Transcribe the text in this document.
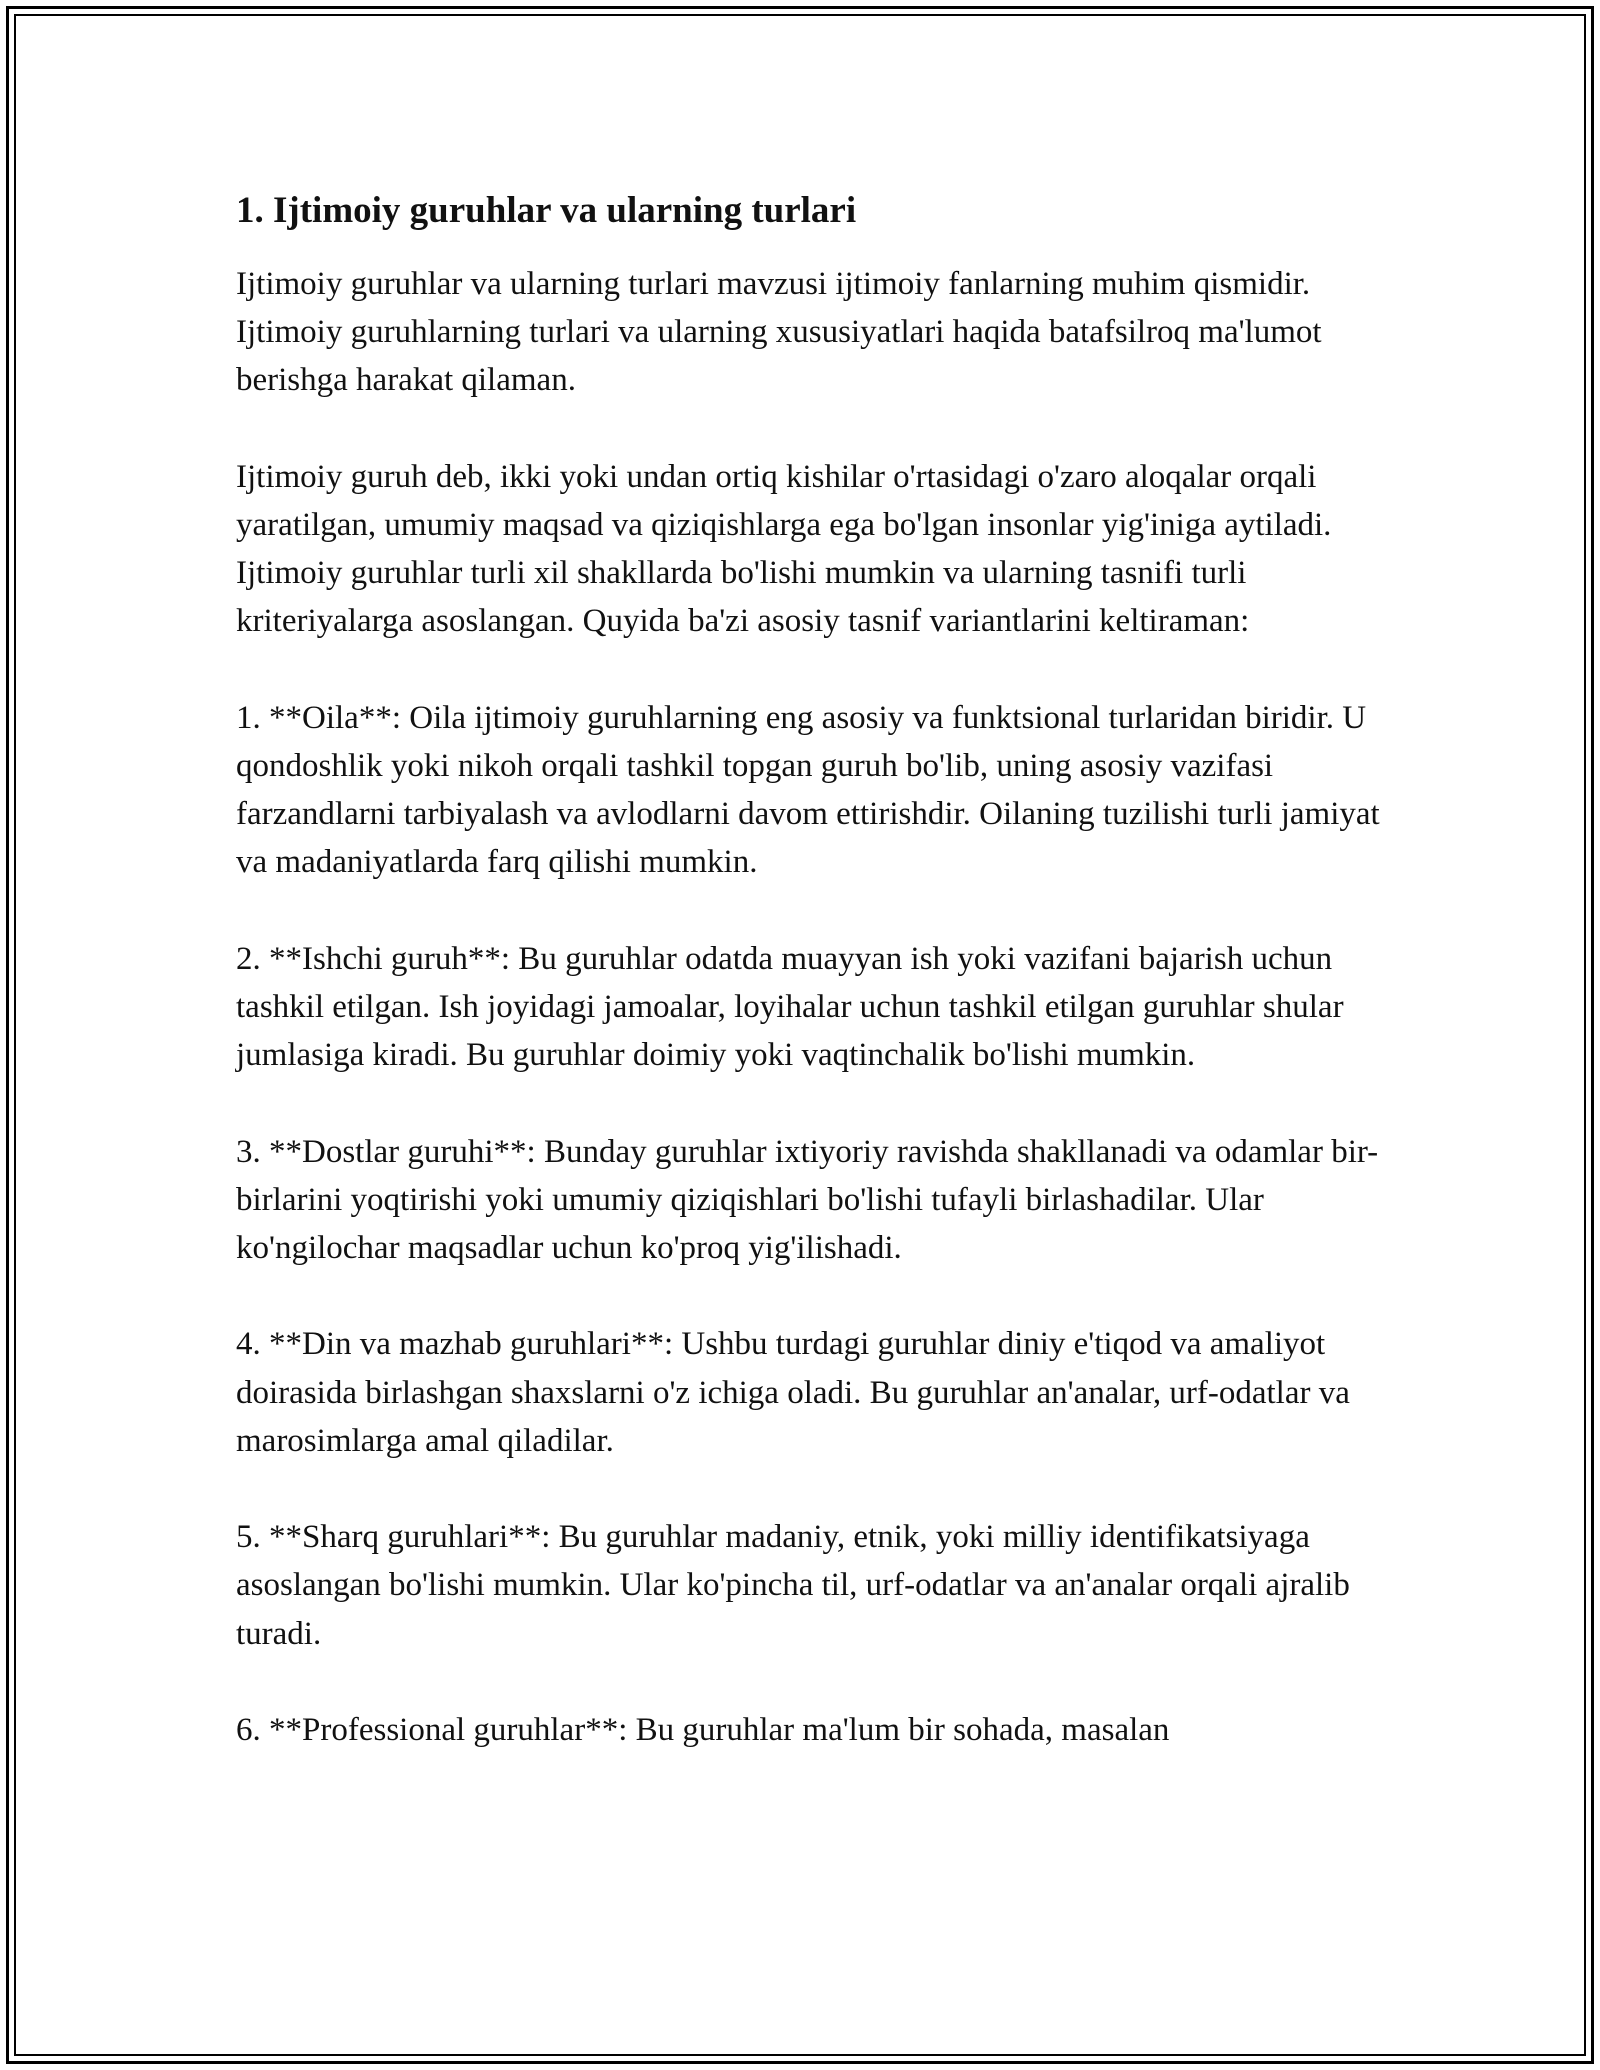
1. Ijtimoiy guruhlar va ularning turlari

Ijtimoiy guruhlar va ularning turlari mavzusi ijtimoiy fanlarning muhim qismidir. Ijtimoiy guruhlarning turlari va ularning xususiyatlari haqida batafsilroq ma'lumot berishga harakat qilaman.

Ijtimoiy guruh deb, ikki yoki undan ortiq kishilar o'rtasidagi o'zaro aloqalar orqali yaratilgan, umumiy maqsad va qiziqishlarga ega bo'lgan insonlar yig'iniga aytiladi. Ijtimoiy guruhlar turli xil shakllarda bo'lishi mumkin va ularning tasnifi turli kriteriyalarga asoslangan. Quyida ba'zi asosiy tasnif variantlarini keltiraman:

1. **Oila**: Oila ijtimoiy guruhlarning eng asosiy va funktsional turlaridan biridir. U qondoshlik yoki nikoh orqali tashkil topgan guruh bo'lib, uning asosiy vazifasi farzandlarni tarbiyalash va avlodlarni davom ettirishdir. Oilaning tuzilishi turli jamiyat va madaniyatlarda farq qilishi mumkin.

2. **Ishchi guruh**: Bu guruhlar odatda muayyan ish yoki vazifani bajarish uchun tashkil etilgan. Ish joyidagi jamoalar, loyihalar uchun tashkil etilgan guruhlar shular jumlasiga kiradi. Bu guruhlar doimiy yoki vaqtinchalik bo'lishi mumkin.

3. **Dostlar guruhi**: Bunday guruhlar ixtiyoriy ravishda shakllanadi va odamlar bir-birlarini yoqtirishi yoki umumiy qiziqishlari bo'lishi tufayli birlashadilar. Ular ko'ngilochar maqsadlar uchun ko'proq yig'ilishadi.

4. **Din va mazhab guruhlari**: Ushbu turdagi guruhlar diniy e'tiqod va amaliyot doirasida birlashgan shaxslarni o'z ichiga oladi. Bu guruhlar an'analar, urf-odatlar va marosimlarga amal qiladilar.

5. **Sharq guruhlari**: Bu guruhlar madaniy, etnik, yoki milliy identifikatsiyaga asoslangan bo'lishi mumkin. Ular ko'pincha til, urf-odatlar va an'analar orqali ajralib turadi.

6. **Professional guruhlar**: Bu guruhlar ma'lum bir sohada, masalan
